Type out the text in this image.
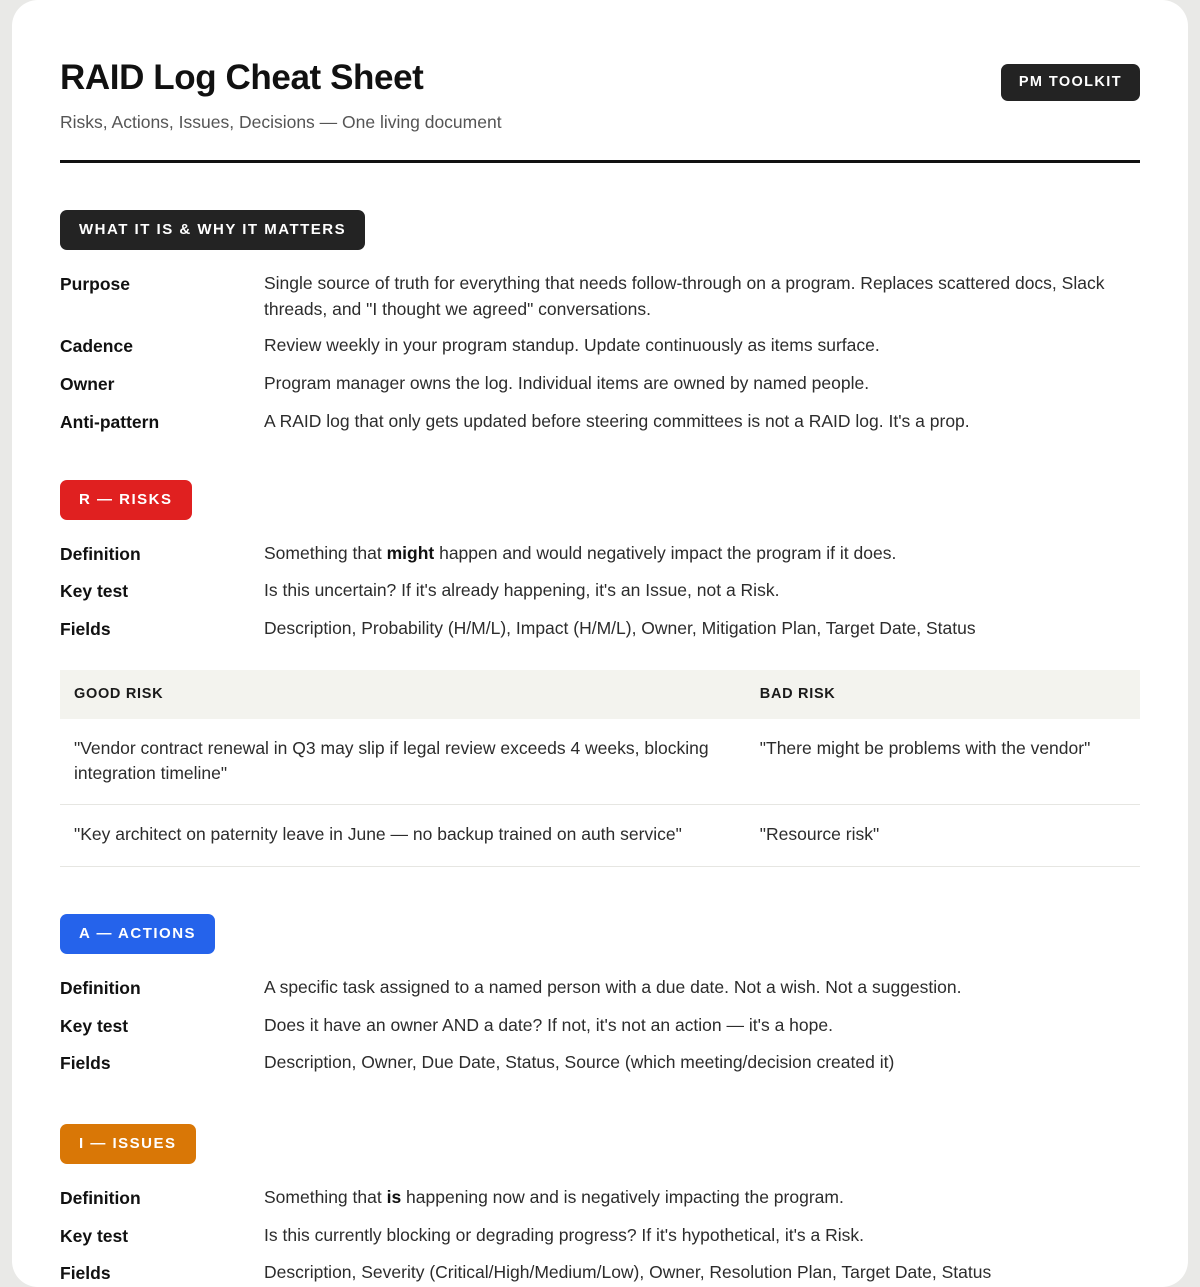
RAID Log Cheat Sheet
Risks, Actions, Issues, Decisions — One living document
PM TOOLKIT
WHAT IT IS & WHY IT MATTERS
Purpose	Single source of truth for everything that needs follow-through on a program. Replaces scattered docs, Slack threads, and "I thought we agreed" conversations.
Cadence	Review weekly in your program standup. Update continuously as items surface.
Owner	Program manager owns the log. Individual items are owned by named people.
Anti-pattern	A RAID log that only gets updated before steering committees is not a RAID log. It's a prop.
R — RISKS
Definition	Something that might happen and would negatively impact the program if it does.
Key test	Is this uncertain? If it's already happening, it's an Issue, not a Risk.
Fields	Description, Probability (H/M/L), Impact (H/M/L), Owner, Mitigation Plan, Target Date, Status
GOOD RISK	BAD RISK
"Vendor contract renewal in Q3 may slip if legal review exceeds 4 weeks, blocking integration timeline"	"There might be problems with the vendor"
"Key architect on paternity leave in June — no backup trained on auth service"	"Resource risk"
A — ACTIONS
Definition	A specific task assigned to a named person with a due date. Not a wish. Not a suggestion.
Key test	Does it have an owner AND a date? If not, it's not an action — it's a hope.
Fields	Description, Owner, Due Date, Status, Source (which meeting/decision created it)
I — ISSUES
Definition	Something that is happening now and is negatively impacting the program.
Key test	Is this currently blocking or degrading progress? If it's hypothetical, it's a Risk.
Fields	Description, Severity (Critical/High/Medium/Low), Owner, Resolution Plan, Target Date, Status
